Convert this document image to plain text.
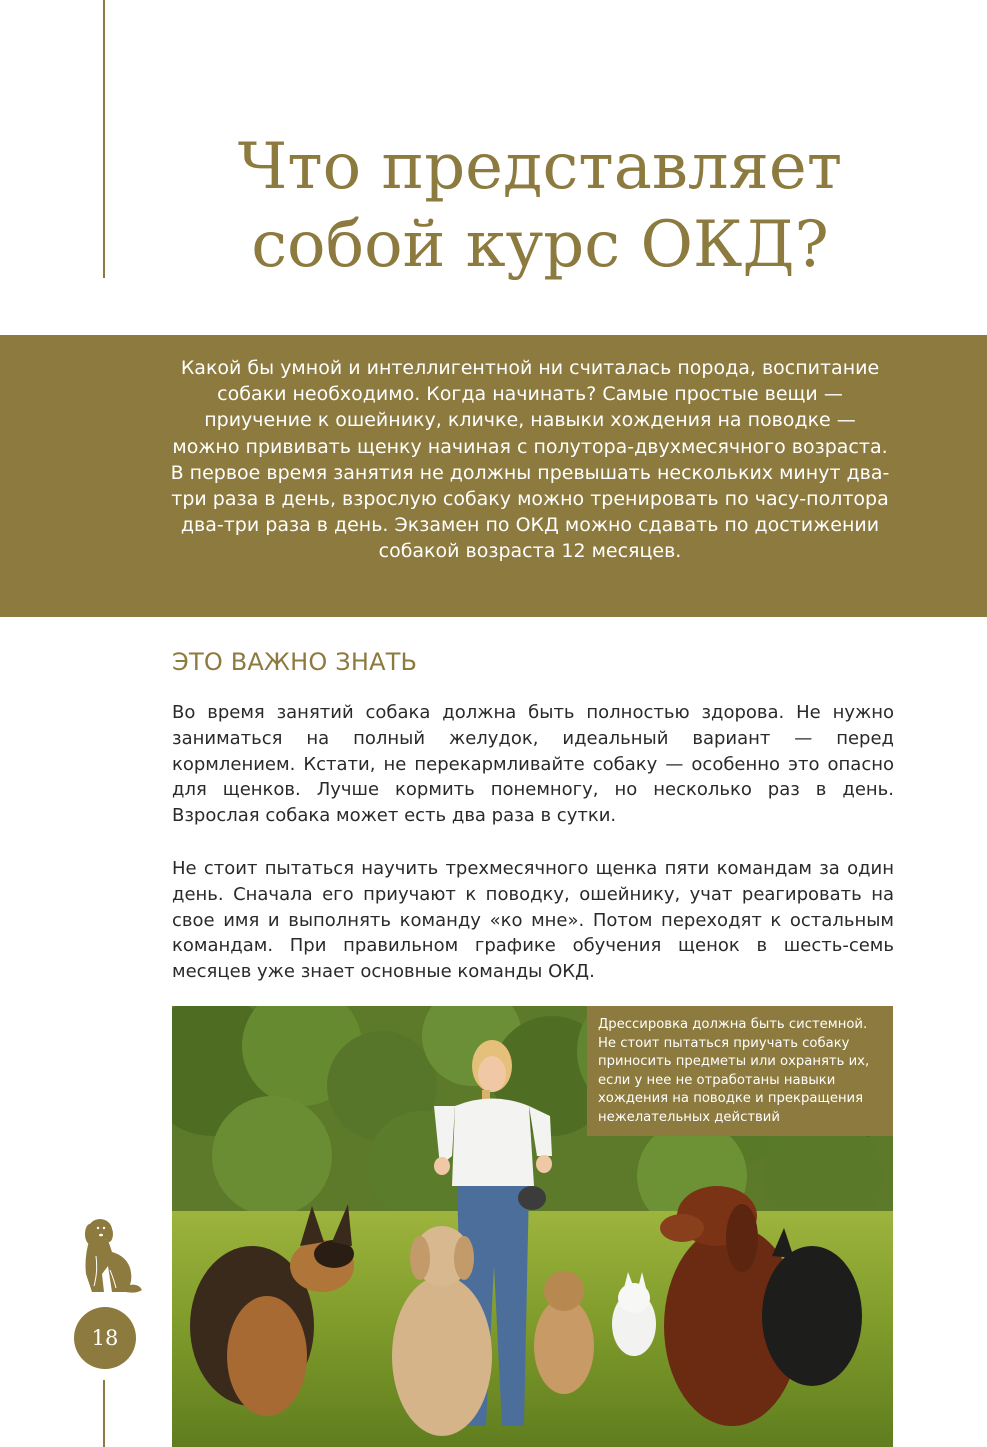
Что представляет собой курс ОКД?

Какой бы умной и интеллигентной ни считалась порода, воспитание собаки необходимо. Когда начинать? Самые простые вещи — приучение к ошейнику, кличке, навыки хождения на поводке — можно прививать щенку начиная с полутора-двухмесячного возраста. В первое время занятия не должны превышать нескольких минут два-три раза в день, взрослую собаку можно тренировать по часу-полтора два-три раза в день. Экзамен по ОКД можно сдавать по достижении собакой возраста 12 месяцев.

ЭТО ВАЖНО ЗНАТЬ

Во время занятий собака должна быть полностью здорова. Не нужно заниматься на полный желудок, идеальный вариант — перед кормлением. Кстати, не перекармливайте собаку — особенно это опасно для щенков. Лучше кормить понемногу, но несколько раз в день. Взрослая собака может есть два раза в сутки.

Не стоит пытаться научить трехмесячного щенка пяти командам за один день. Сначала его приучают к поводку, ошейнику, учат реагировать на свое имя и выполнять команду «ко мне». Потом переходят к остальным командам. При правильном графике обучения щенок в шесть-семь месяцев уже знает основные команды ОКД.

Дрессировка должна быть системной. Не стоит пытаться приучать собаку приносить предметы или охранять их, если у нее не отработаны навыки хождения на поводке и прекращения нежелательных действий
18
